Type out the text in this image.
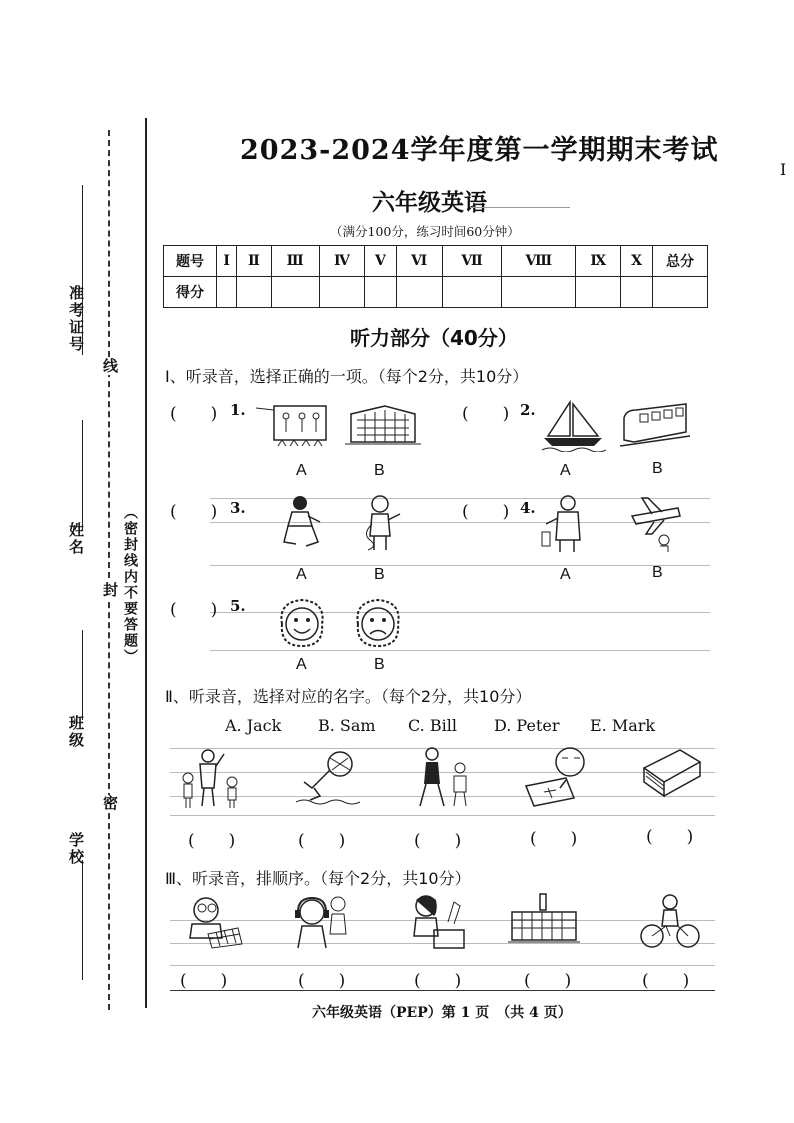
准考证号
姓名
班级
学校
线
封
密
（密封线内不要答题）
I
2023-2024学年度第一学期期末考试
六年级英语
（满分100分，练习时间60分钟）
题号	I	Ⅱ	Ⅲ	Ⅳ	V	Ⅵ	Ⅶ	Ⅷ	Ⅸ	X	总分
得分											
听力部分（40分）
Ⅰ、听录音，选择正确的一项。（每个2分，共10分）
(　　) 1.
A	B
(　　) 2.
A	B
(　　) 3.
A	B
(　　) 4.
A	B
(　　) 5.
A	B
Ⅱ、听录音，选择对应的名字。（每个2分，共10分）
A. Jack B. Sam C. Bill D. Peter E. Mark
(　　)	(　　)	(　　)	(　　)	(　　)
Ⅲ、听录音，排顺序。（每个2分，共10分）
(　　)	(　　)	(　　)	(　　)	(　　)
六年级英语（PEP）第 1 页　（共 4 页）
